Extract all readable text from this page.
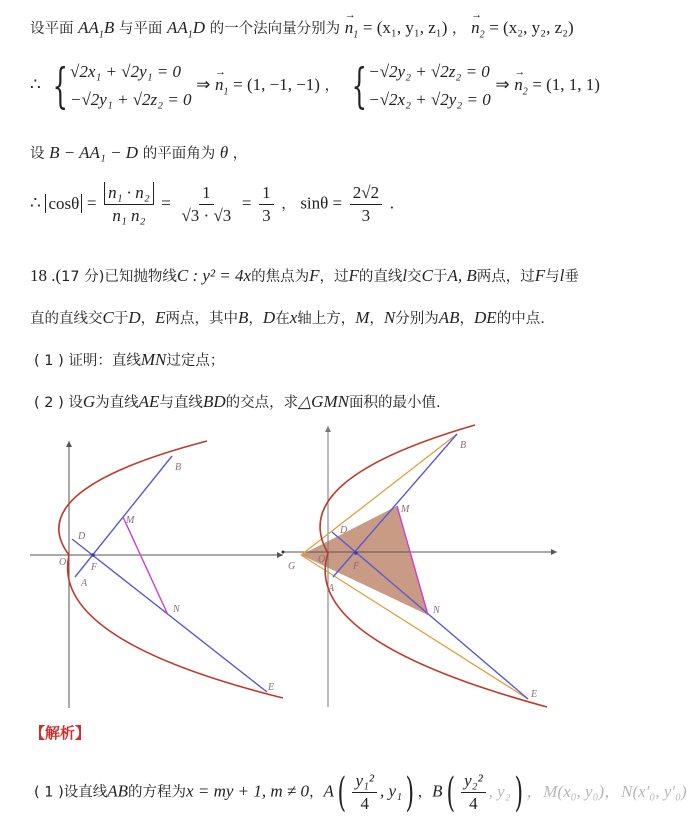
设平面 $AA_1B$ 与平面 $AA_1D$ 的一个法向量分别为 → $n_1 = (x_1$, y₁, z₁) ， → $n_2 = (x_2$, y₂, z₂)
∴ { √2x₁ + √2y₁ = 0
−√2y₁ + √2z₂ = 0
⇒ → $n_1 = (1$, −1, −1) ， { −√2y₂ + √2z₂ = 0
−√2x₂ + √2y₂ = 0
⇒ → $n_2 = (1$, 1, 1)
设 B − AA₁ − D 的平面角为 θ ，
∴ $\cos\theta = \frac{\text{n₁ · n₂}}{\text{n₁ n₂}} = \frac{1}{√3 \cdot √3} = \frac{1}{3}$ ， $\sin\theta = \frac{2√2}{3}$ .
18 .(17 分)已知抛物线C : y² = 4x的焦点为F，过F的直线l交C于A, B两点，过F与l垂
直的直线交C于D，E两点，其中B，D在x轴上方，M，N分别为AB，DE的中点.
( 1 ) 证明：直线MN过定点；
( 2 ) 设G为直线AE与直线BD的交点，求△GMN面积的最小值.
B
M
D
O F
A
N
E
B
M
D
O
F
G
A
N
E
【解析】
( 1 )设直线AB的方程为x = my + 1, m ≠ 0，$A( \frac{\text{y₁²}}{4}$ , y₁) ，$B( \frac{\text{y₂²}}{4}$ , y₂) ，M(x₀, y₀)，N(x′₀, y′₀)
